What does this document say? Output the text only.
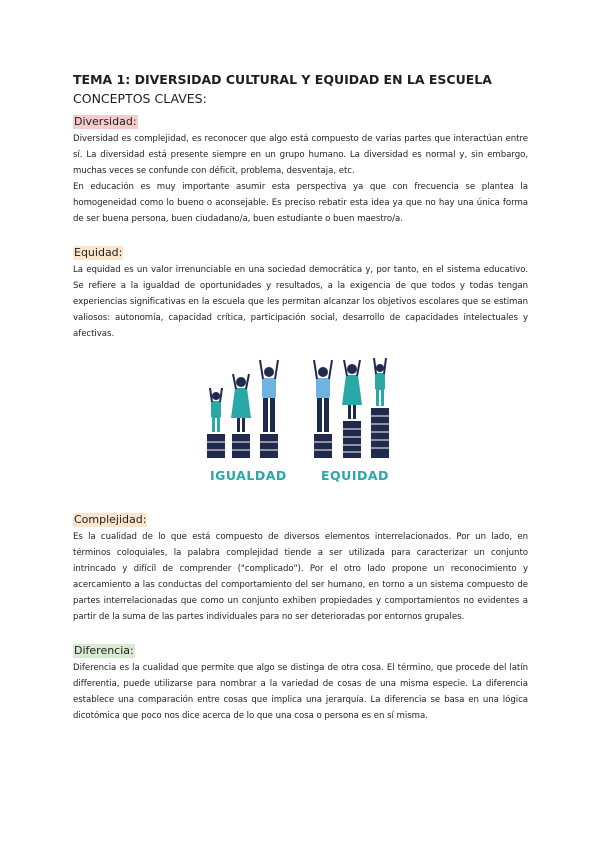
TEMA 1: DIVERSIDAD CULTURAL Y EQUIDAD EN LA ESCUELA
CONCEPTOS CLAVES:
Diversidad:

Diversidad es complejidad, es reconocer que algo está compuesto de varias partes que interactúan entre sí. La diversidad está presente siempre en un grupo humano. La diversidad es normal y, sin embargo, muchas veces se confunde con déficit, problema, desventaja, etc.

En educación es muy importante asumir esta perspectiva ya que con frecuencia se plantea la homogeneidad como lo bueno o aconsejable. Es preciso rebatir esta idea ya que no hay una única forma de ser buena persona, buen ciudadano/a, buen estudiante o buen maestro/a.

Equidad:

La equidad es un valor irrenunciable en una sociedad democrática y, por tanto, en el sistema educativo. Se refiere a la igualdad de oportunidades y resultados, a la exigencia de que todos y todas tengan experiencias significativas en la escuela que les permitan alcanzar los objetivos escolares que se estiman valiosos: autonomía, capacidad crítica, participación social, desarrollo de capacidades intelectuales y afectivas.

IGUALDAD	EQUIDAD
Complejidad:

Es la cualidad de lo que está compuesto de diversos elementos interrelacionados. Por un lado, en términos coloquiales, la palabra complejidad tiende a ser utilizada para caracterizar un conjunto intrincado y difícil de comprender ("complicado"). Por el otro lado propone un reconocimiento y acercamiento a las conductas del comportamiento del ser humano, en torno a un sistema compuesto de partes interrelacionadas que como un conjunto exhiben propiedades y comportamientos no evidentes a partir de la suma de las partes individuales para no ser deterioradas por entornos grupales.

Diferencia:

Diferencia es la cualidad que permite que algo se distinga de otra cosa. El término, que procede del latín differentia, puede utilizarse para nombrar a la variedad de cosas de una misma especie. La diferencia establece una comparación entre cosas que implica una jerarquía. La diferencia se basa en una lógica dicotómica que poco nos dice acerca de lo que una cosa o persona es en sí misma.
